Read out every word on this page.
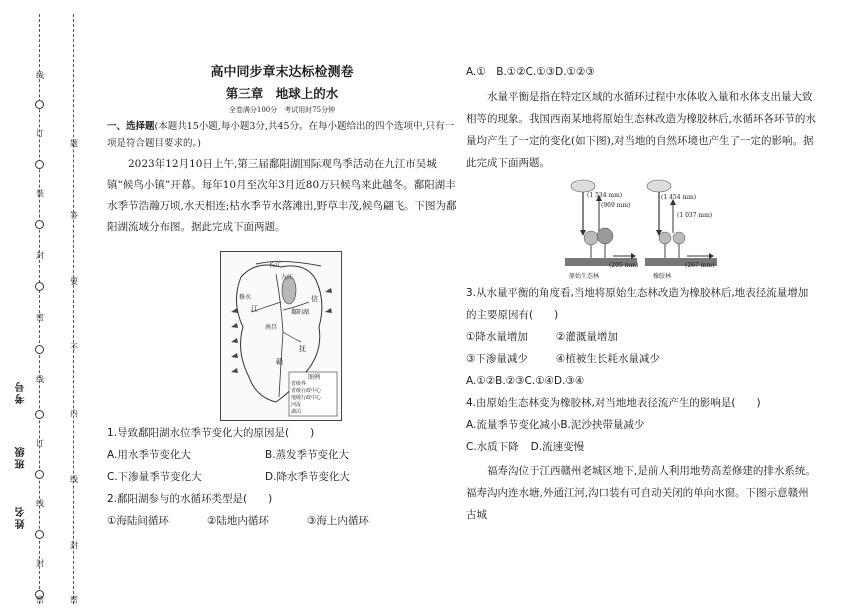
线
订
装
封
密
线
订
线
封
密
题
答
要
不
内
线
封
密
考号
班级
姓名
高中同步章末达标检测卷
第三章　地球上的水
全卷满分100分　考试用时75分钟

一、选择题(本题共15小题,每小题3分,共45分。在每小题给出的四个选项中,只有一项是符合题目要求的。)

2023年12月10日上午,第三届鄱阳湖国际观鸟季活动在九江市吴城镇“候鸟小镇”开幕。每年10月至次年3月近80万只候鸟来此越冬。鄱阳湖丰水季节浩瀚万顷,水天相连;枯水季节水落滩出,野草丰茂,候鸟翩飞。下图为鄱阳湖流域分布图。据此完成下面两题。

江
修水
鄱阳湖
长江
九江
南昌
赣
信
抚
图例
省级界
省级行政中心
地级行政中心
河流
湖泊
1.导致鄱阳湖水位季节变化大的原因是(　　)
A.用水季节变化大	B.蒸发季节变化大
C.下渗量季节变化大	D.降水季节变化大
2.鄱阳湖参与的水循环类型是(　　)
①海陆间循环	②陆地内循环	③海上内循环
A.①　B.①②C.①③D.①②③

水量平衡是指在特定区域的水循环过程中水体收入量和水体支出量大致相等的现象。我国西南某地将原始生态林改造为橡胶林后,水循环各环节的水量均产生了一定的变化(如下图),对当地的自然环境也产生了一定的影响。据此完成下面两题。

(1 534 mm)
(969 mm)
(205 mm)
(1 454 mm)
(1 037 mm)
(267 mm)
原始生态林	橡胶林
3.从水量平衡的角度看,当地将原始生态林改造为橡胶林后,地表径流量增加的主要原因有(　　)
①降水量增加	②灌溉量增加
③下渗量减少	④植被生长耗水量减少
A.①②B.②③C.①④D.③④
4.由原始生态林变为橡胶林,对当地地表径流产生的影响是(　　)
A.流量季节变化减小 B.泥沙挟带量减少
C.水质下降 D.流速变慢

福寿沟位于江西赣州老城区地下,是前人利用地势高差修建的排水系统。福寿沟内连水塘,外通江河,沟口装有可自动关闭的单向水窗。下图示意赣州古城
